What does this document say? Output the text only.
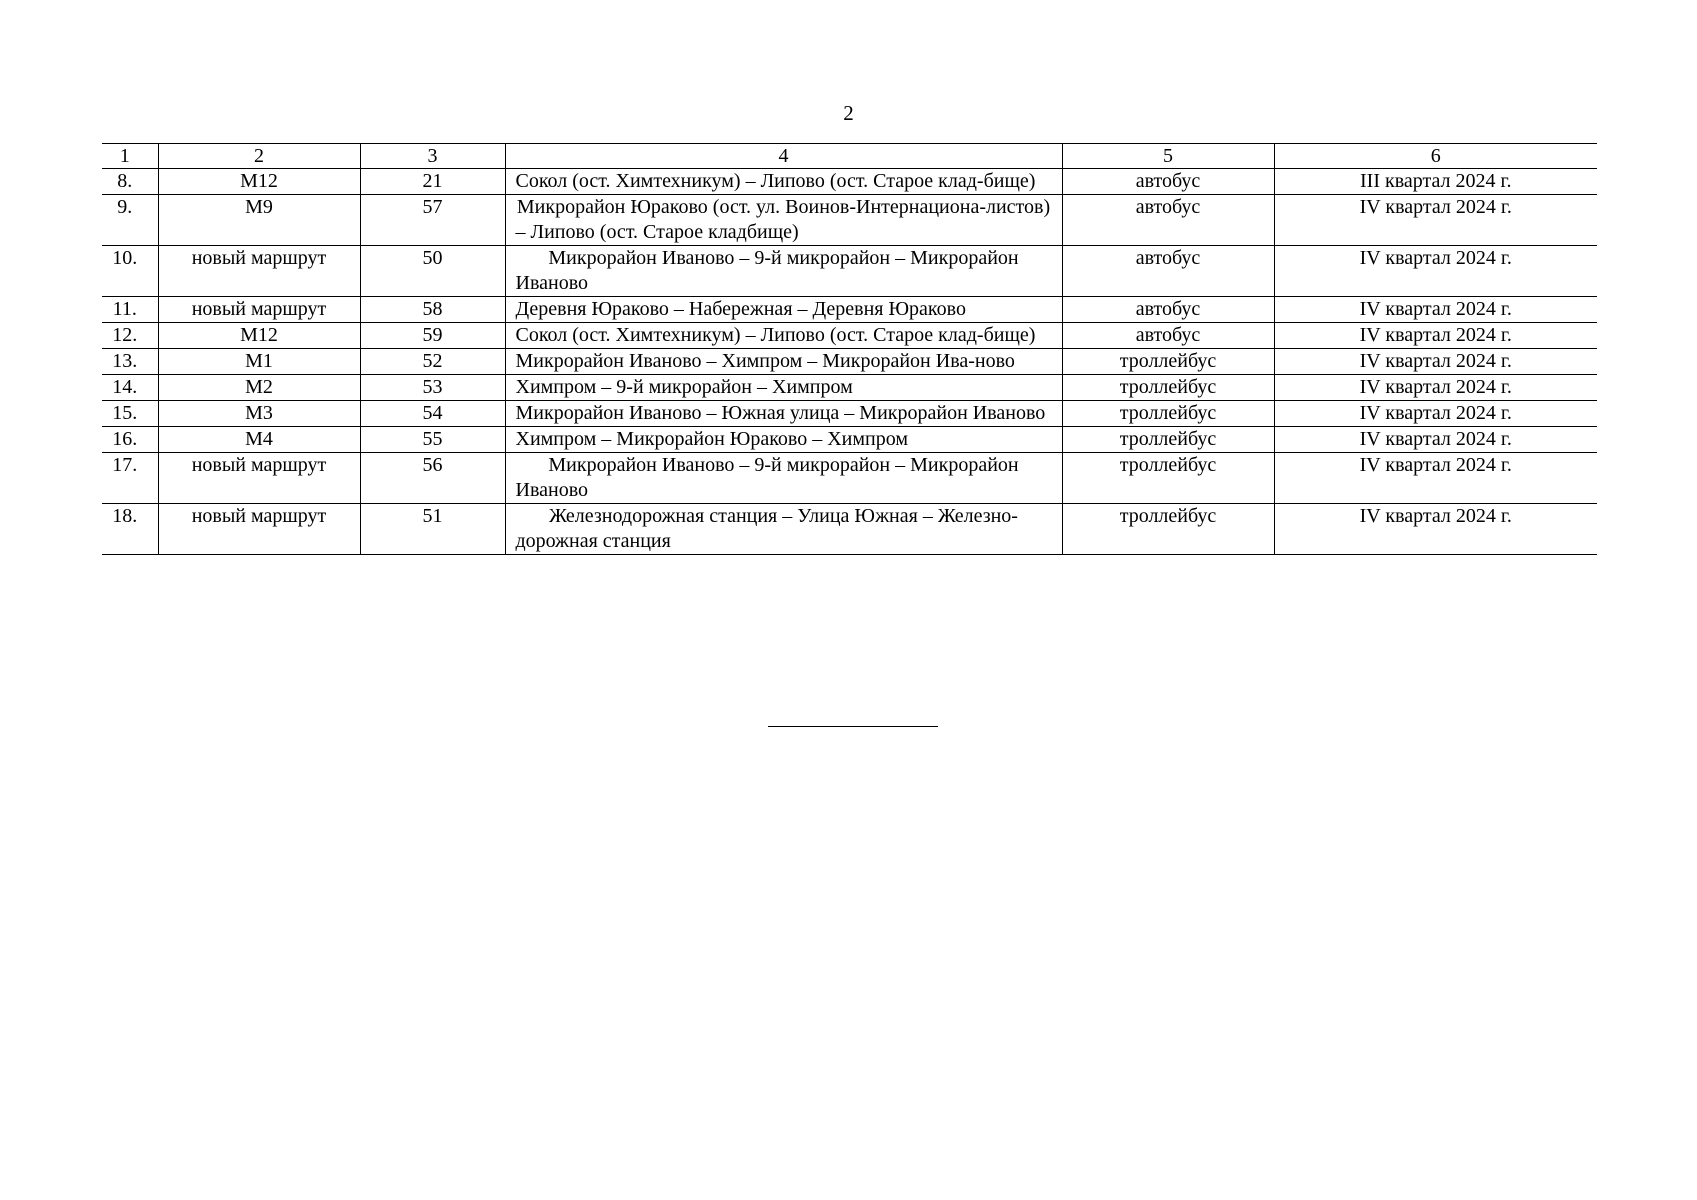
2
1	2	3	4	5	6
8.	М12	21	Сокол (ост. Химтехникум) – Липово (ост. Старое клад-бище)	автобус	III квартал 2024 г.
9.	М9	57	Микрорайон Юраково (ост. ул. Воинов-Интернациона-листов) – Липово (ост. Старое кладбище)	автобус	IV квартал 2024 г.
10.	новый маршрут	50	Микрорайон Иваново – 9-й микрорайон – Микрорайон Иваново	автобус	IV квартал 2024 г.
11.	новый маршрут	58	Деревня Юраково – Набережная – Деревня Юраково	автобус	IV квартал 2024 г.
12.	М12	59	Сокол (ост. Химтехникум) – Липово (ост. Старое клад-бище)	автобус	IV квартал 2024 г.
13.	М1	52	Микрорайон Иваново – Химпром – Микрорайон Ива-ново	троллейбус	IV квартал 2024 г.
14.	М2	53	Химпром – 9-й микрорайон – Химпром	троллейбус	IV квартал 2024 г.
15.	М3	54	Микрорайон Иваново – Южная улица – Микрорайон Иваново	троллейбус	IV квартал 2024 г.
16.	М4	55	Химпром – Микрорайон Юраково – Химпром	троллейбус	IV квартал 2024 г.
17.	новый маршрут	56	Микрорайон Иваново – 9-й микрорайон – Микрорайон Иваново	троллейбус	IV квартал 2024 г.
18.	новый маршрут	51	Железнодорожная станция – Улица Южная – Железно-дорожная станция	троллейбус	IV квартал 2024 г.
